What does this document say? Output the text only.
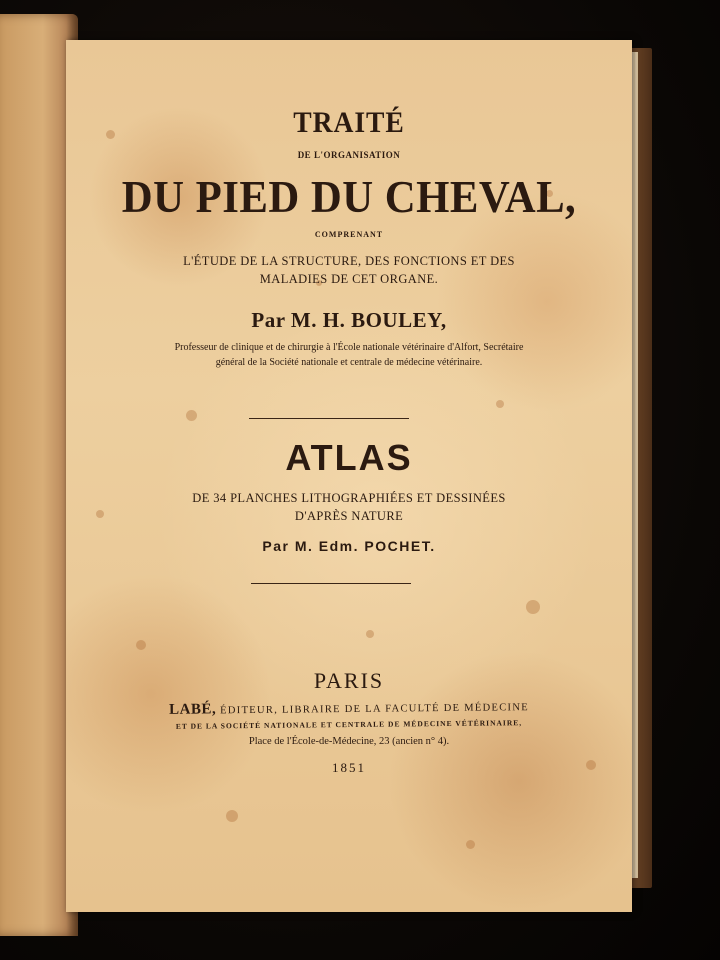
TRAITÉ
DE L'ORGANISATION
DU PIED DU CHEVAL,
COMPRENANT
L'ÉTUDE DE LA STRUCTURE, DES FONCTIONS ET DES
MALADIES DE CET ORGANE.
Par M. H. BOULEY,
Professeur de clinique et de chirurgie à l'École nationale vétérinaire d'Alfort, Secrétaire
général de la Société nationale et centrale de médecine vétérinaire.
ATLAS
DE 34 PLANCHES LITHOGRAPHIÉES ET DESSINÉES
D'APRÈS NATURE
Par M. Edm. POCHET.
PARIS
LABÉ, ÉDITEUR, LIBRAIRE DE LA FACULTÉ DE MÉDECINE
ET DE LA SOCIÉTÉ NATIONALE ET CENTRALE DE MÉDECINE VÉTÉRINAIRE,
Place de l'École-de-Médecine, 23 (ancien n° 4).
1851
